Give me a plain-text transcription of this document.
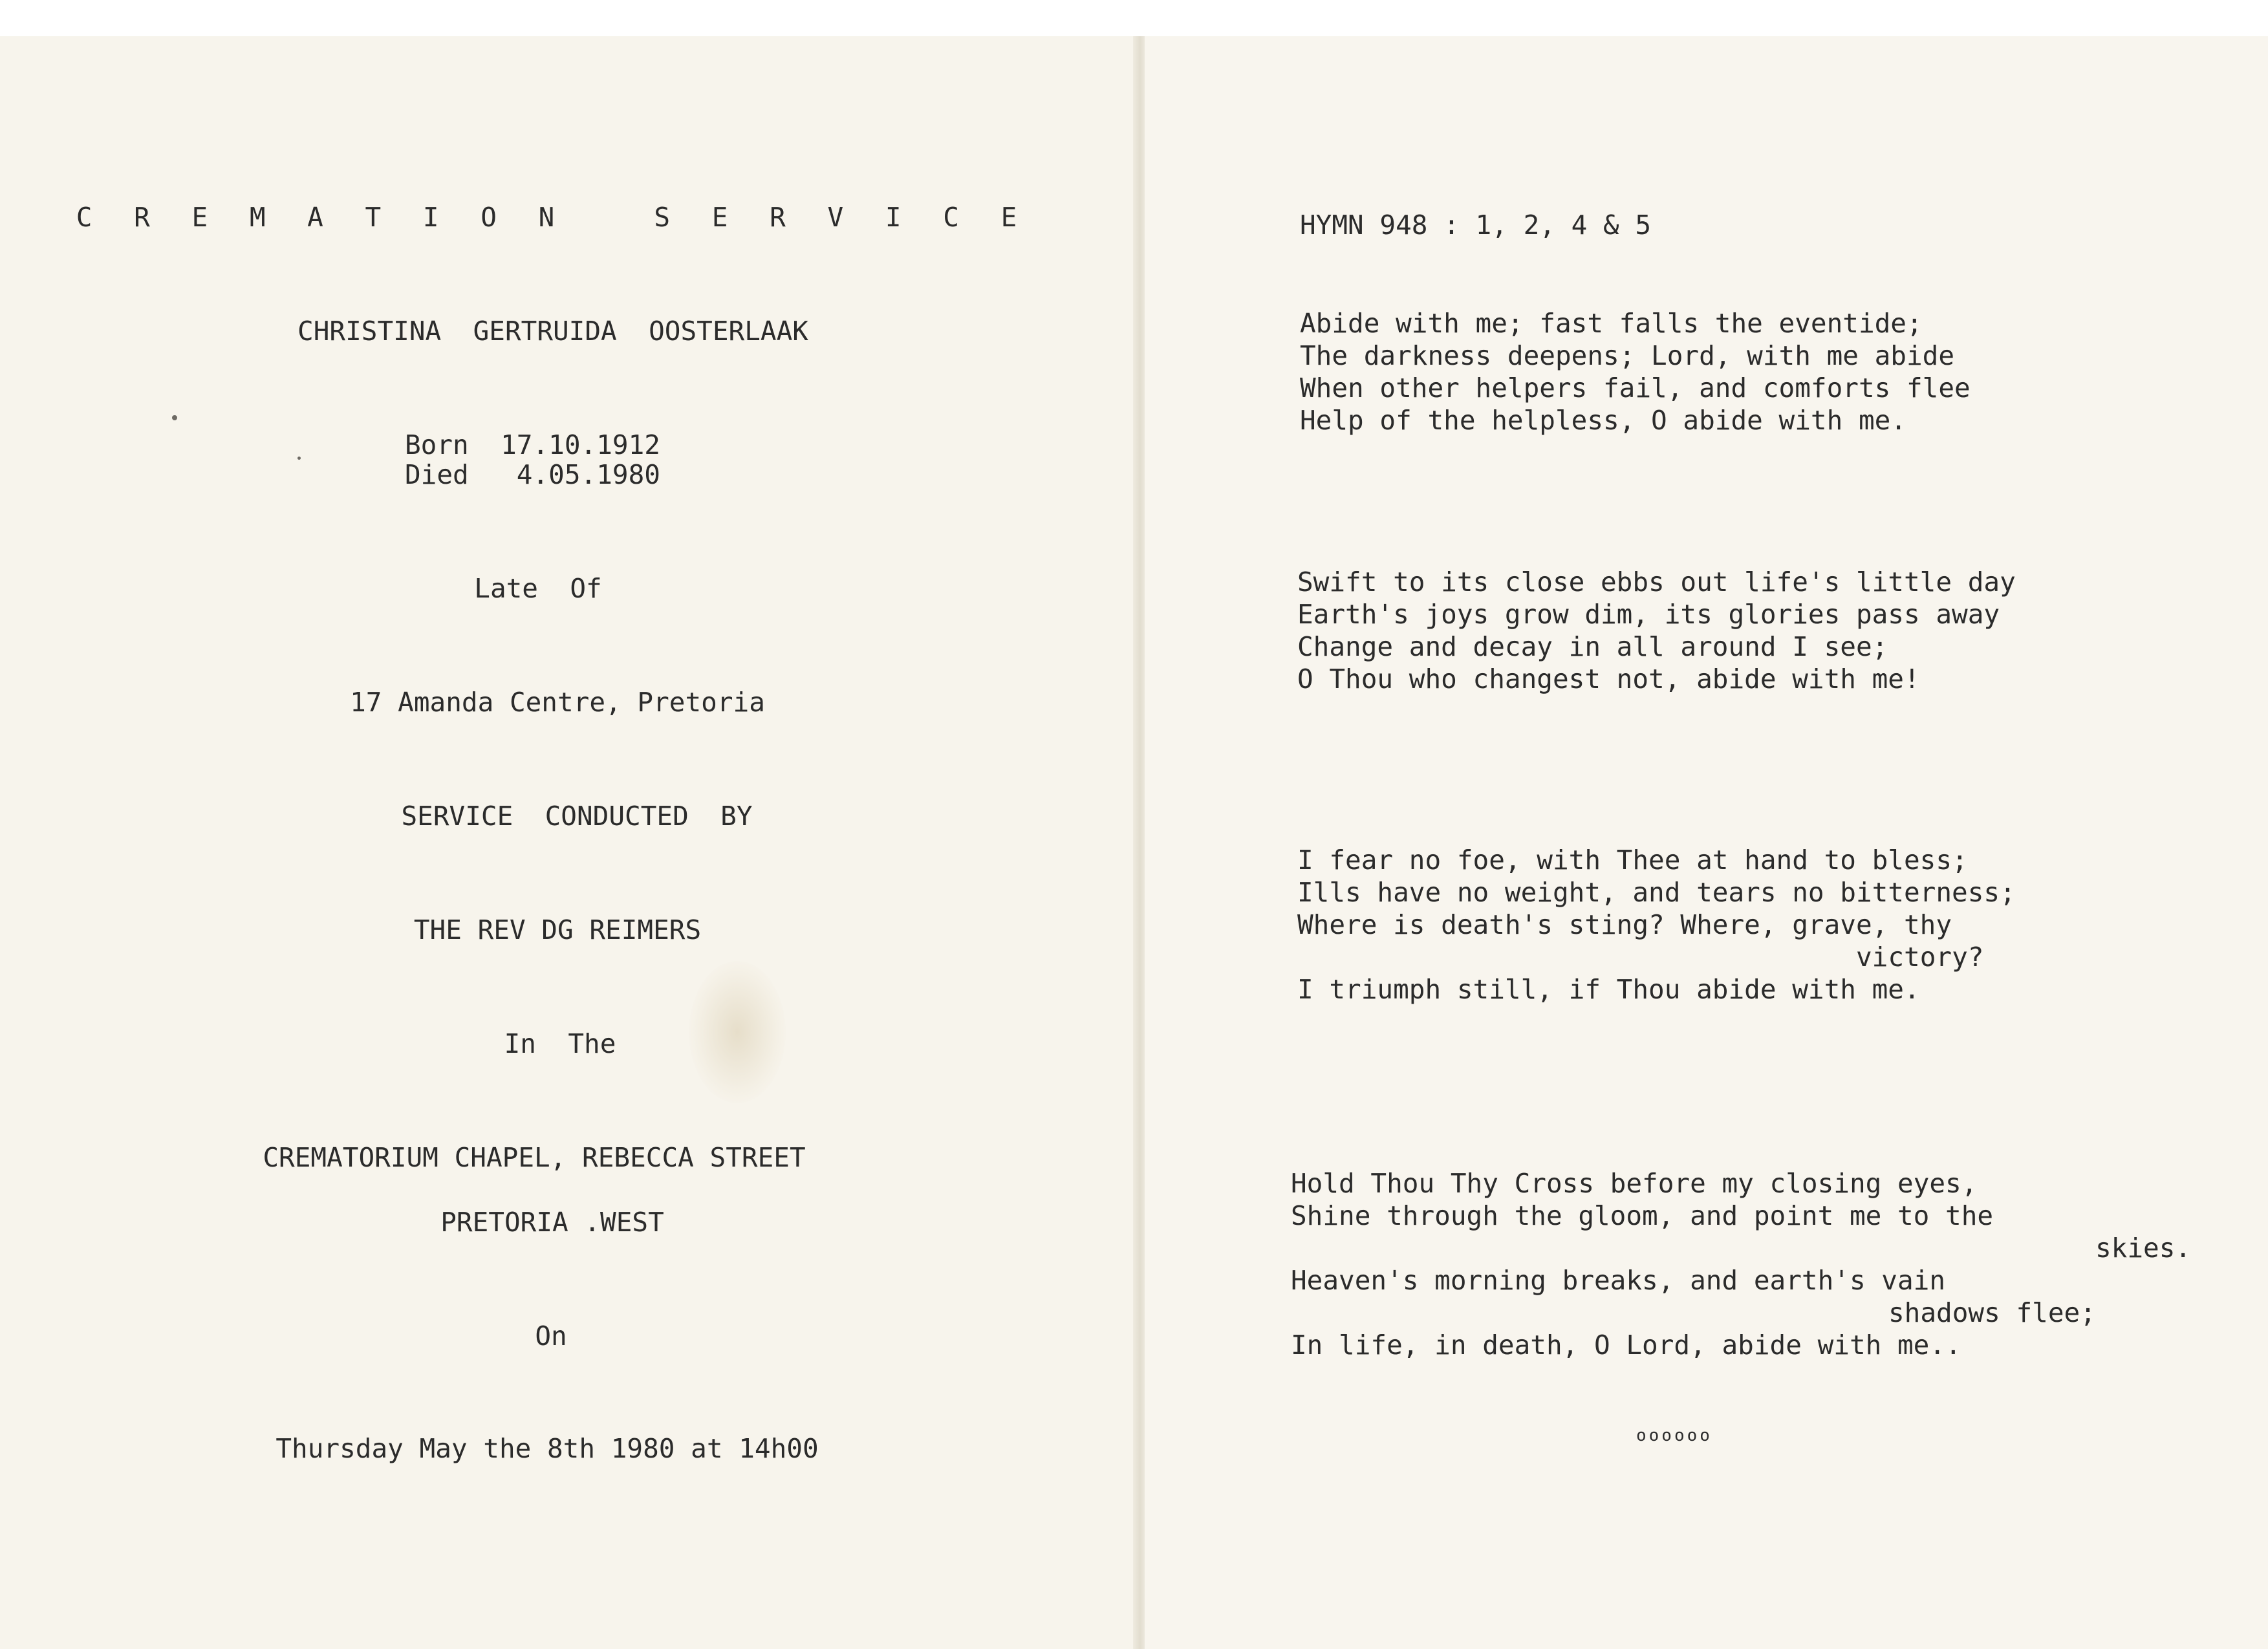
C R E M A T I O N   S E R V I C E
CHRISTINA  GERTRUIDA  OOSTERLAAK
Born  17.10.1912
Died   4.05.1980
Late  Of
17 Amanda Centre, Pretoria
SERVICE  CONDUCTED  BY
THE REV DG REIMERS
In  The
CREMATORIUM CHAPEL, REBECCA STREET
PRETORIA .WEST
On
Thursday May the 8th 1980 at 14h00
HYMN 948 : 1, 2, 4 & 5
Abide with me; fast falls the eventide;
The darkness deepens; Lord, with me abide
When other helpers fail, and comforts flee
Help of the helpless, O abide with me.
Swift to its close ebbs out life's little day
Earth's joys grow dim, its glories pass away
Change and decay in all around I see;
O Thou who changest not, abide with me!
I fear no foe, with Thee at hand to bless;
Ills have no weight, and tears no bitterness;
Where is death's sting? Where, grave, thy
victory?
I triumph still, if Thou abide with me.
Hold Thou Thy Cross before my closing eyes,
Shine through the gloom, and point me to the
skies.
Heaven's morning breaks, and earth's vain
shadows flee;
In life, in death, O Lord, abide with me..
oooooo
